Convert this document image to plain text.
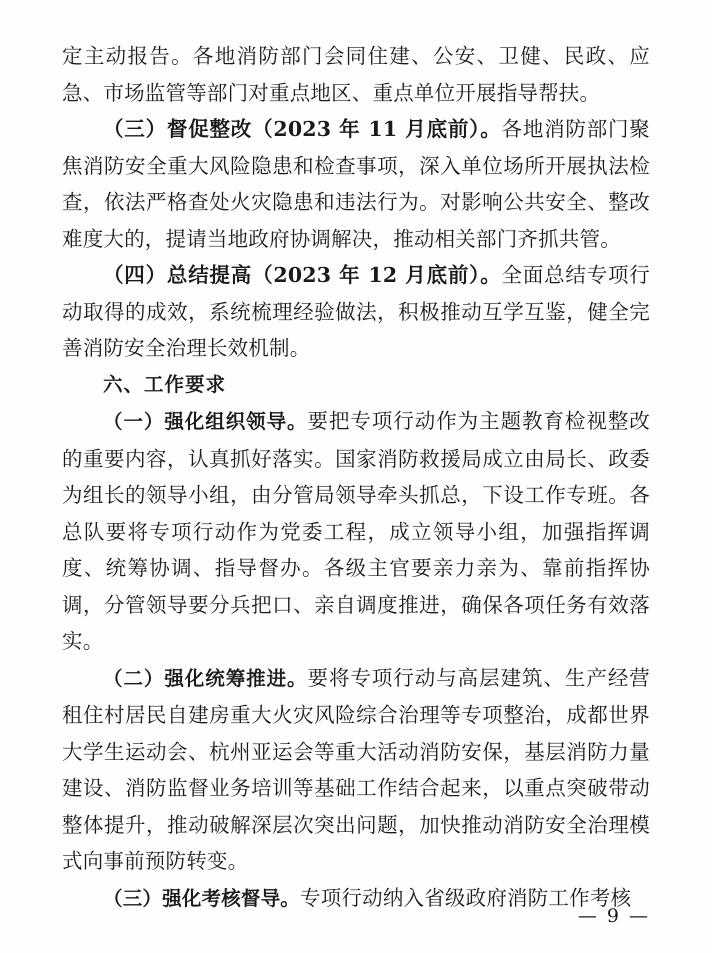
定主动报告。各地消防部门会同住建、公安、卫健、民政、应急、市场监管等部门对重点地区、重点单位开展指导帮扶。

（三）督促整改（2023 年 11 月底前）。各地消防部门聚焦消防安全重大风险隐患和检查事项，深入单位场所开展执法检查，依法严格查处火灾隐患和违法行为。对影响公共安全、整改难度大的，提请当地政府协调解决，推动相关部门齐抓共管。

（四）总结提高（2023 年 12 月底前）。全面总结专项行动取得的成效，系统梳理经验做法，积极推动互学互鉴，健全完善消防安全治理长效机制。

六、工作要求

（一）强化组织领导。要把专项行动作为主题教育检视整改的重要内容，认真抓好落实。国家消防救援局成立由局长、政委为组长的领导小组，由分管局领导牵头抓总，下设工作专班。各总队要将专项行动作为党委工程，成立领导小组，加强指挥调度、统筹协调、指导督办。各级主官要亲力亲为、靠前指挥协调，分管领导要分兵把口、亲自调度推进，确保各项任务有效落实。

（二）强化统筹推进。要将专项行动与高层建筑、生产经营租住村居民自建房重大火灾风险综合治理等专项整治，成都世界大学生运动会、杭州亚运会等重大活动消防安保，基层消防力量建设、消防监督业务培训等基础工作结合起来，以重点突破带动整体提升，推动破解深层次突出问题，加快推动消防安全治理模式向事前预防转变。

（三）强化考核督导。专项行动纳入省级政府消防工作考核

— 9 —
